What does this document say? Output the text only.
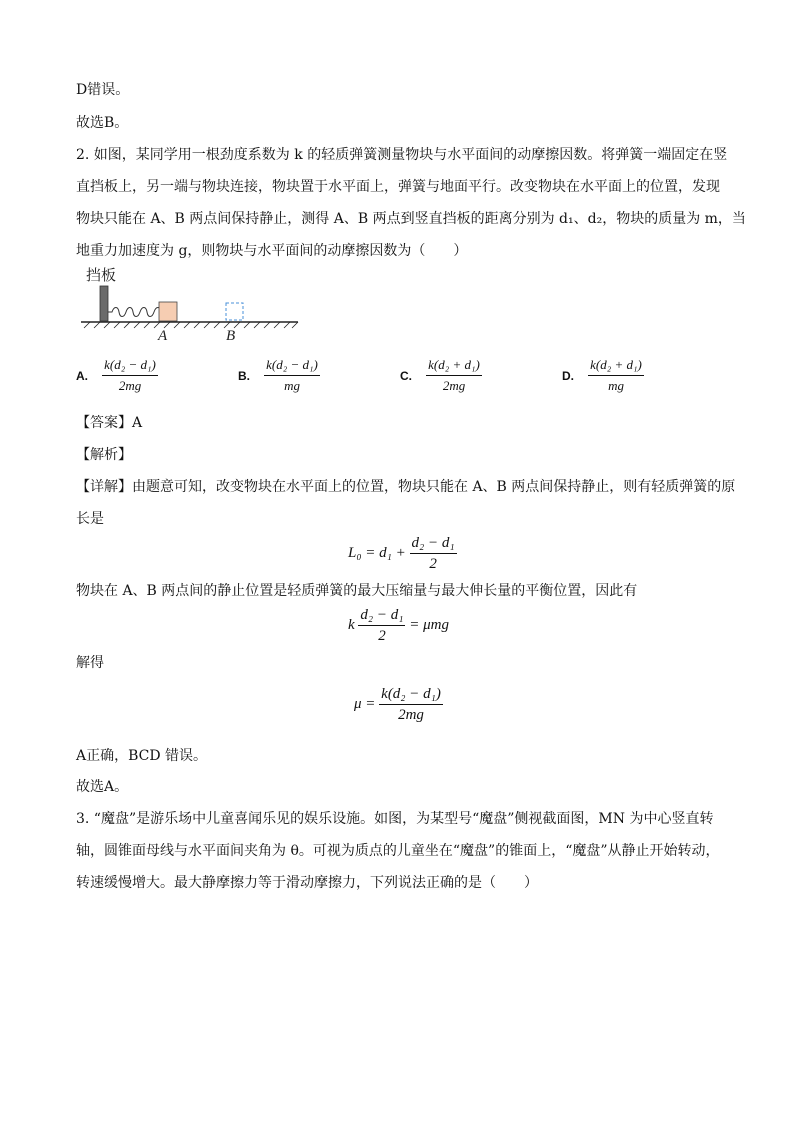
D错误。
故选B。
2. 如图，某同学用一根劲度系数为 k 的轻质弹簧测量物块与水平面间的动摩擦因数。将弹簧一端固定在竖
直挡板上，另一端与物块连接，物块置于水平面上，弹簧与地面平行。改变物块在水平面上的位置，发现
物块只能在 A、B 两点间保持静止，测得 A、B 两点到竖直挡板的距离分别为 d₁、d₂，物块的质量为 m，当
地重力加速度为 g，则物块与水平面间的动摩擦因数为（　　）
挡板
A	B
A. $\frac{\text{k(d₂ − d₁)}}{2mg}$	B. $\frac{\text{k(d₂ − d₁)}}{mg}$	C. $\frac{\text{k(d₂ + d₁)}}{2mg}$	D. $\frac{\text{k(d₂ + d₁)}}{mg}$
【答案】A
【解析】
【详解】由题意可知，改变物块在水平面上的位置，物块只能在 A、B 两点间保持静止，则有轻质弹簧的原
长是
$L_0 = d_1 + \frac{\text{d₂ − d₁}}{2}$
物块在 A、B 两点间的静止位置是轻质弹簧的最大压缩量与最大伸长量的平衡位置，因此有
k $\frac{\text{d₂ − d₁}}{2} = \mu mg$
解得
$\mu = \frac{\text{k(d₂ − d₁)}}{2mg}$
A正确，BCD 错误。
故选A。
3. “魔盘”是游乐场中儿童喜闻乐见的娱乐设施。如图，为某型号“魔盘”侧视截面图，MN 为中心竖直转
轴，圆锥面母线与水平面间夹角为 θ。可视为质点的儿童坐在“魔盘”的锥面上，“魔盘”从静止开始转动，
转速缓慢增大。最大静摩擦力等于滑动摩擦力，下列说法正确的是（　　）
